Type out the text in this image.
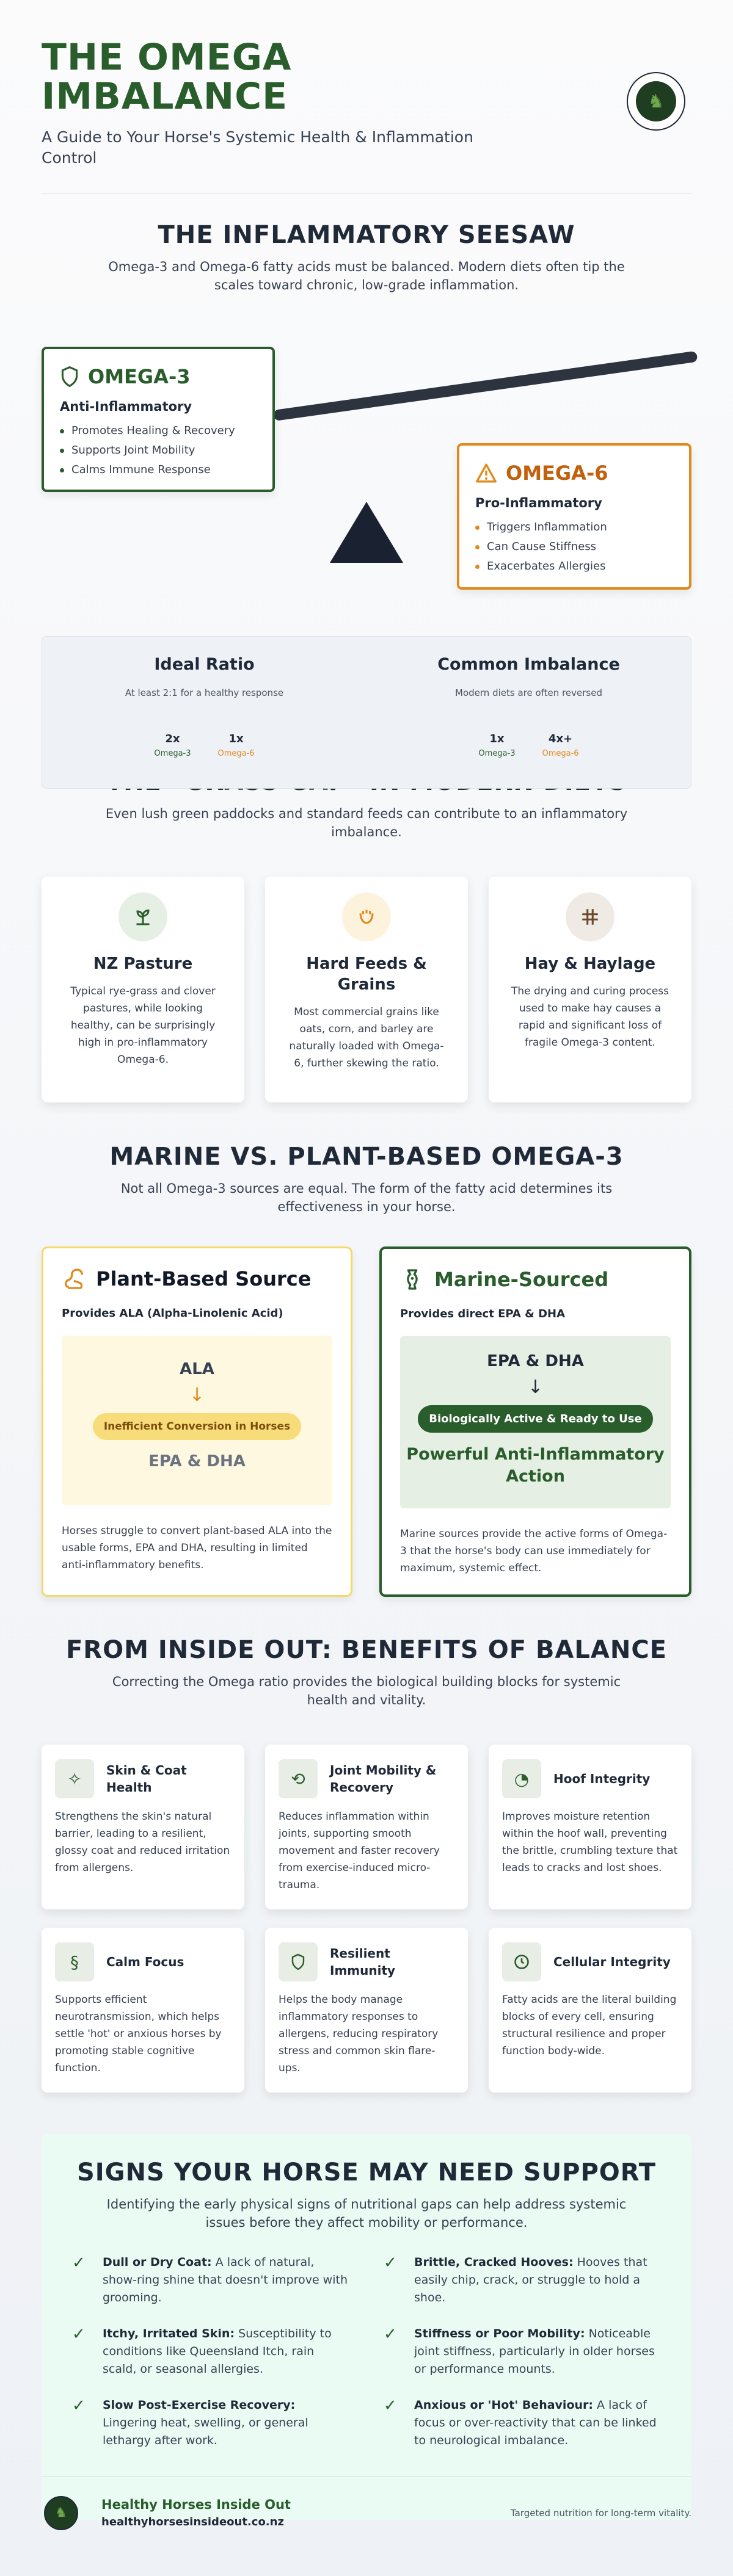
THE OMEGA
IMBALANCE

A Guide to Your Horse's Systemic Health & Inflammation Control

♞
THE INFLAMMATORY SEESAW

Omega-3 and Omega-6 fatty acids must be balanced. Modern diets often tip the scales toward chronic, low-grade inflammation.

OMEGA-3
Anti-Inflammatory
Promotes Healing & Recovery
Supports Joint Mobility
Calms Immune Response	OMEGA-6
Pro-Inflammatory
Triggers Inflammation
Can Cause Stiffness
Exacerbates Allergies
Ideal Ratio
At least 2:1 for a healthy response
2x
Omega-3
1x
Omega-6
Common Imbalance
Modern diets are often reversed
1x
Omega-3
4x+
Omega-6

Even lush green paddocks and standard feeds can contribute to an inflammatory imbalance.

NZ Pasture
Typical rye-grass and clover pastures, while looking healthy, can be surprisingly high in pro-inflammatory Omega-6.
Hard Feeds & Grains
Most commercial grains like oats, corn, and barley are naturally loaded with Omega-6, further skewing the ratio.
Hay & Haylage
The drying and curing process used to make hay causes a rapid and significant loss of fragile Omega-3 content.
MARINE VS. PLANT-BASED OMEGA-3

Not all Omega-3 sources are equal. The form of the fatty acid determines its effectiveness in your horse.

Plant-Based Source
Provides ALA (Alpha-Linolenic Acid)
ALA
↓
Inefficient Conversion in Horses
EPA & DHA
Horses struggle to convert plant-based ALA into the usable forms, EPA and DHA, resulting in limited anti-inflammatory benefits.
Marine-Sourced
Provides direct EPA & DHA
EPA & DHA
↓
Biologically Active & Ready to Use
Powerful Anti-Inflammatory Action
Marine sources provide the active forms of Omega-3 that the horse's body can use immediately for maximum, systemic effect.
FROM INSIDE OUT: BENEFITS OF BALANCE

Correcting the Omega ratio provides the biological building blocks for systemic health and vitality.

✧	Skin & Coat Health
Strengthens the skin's natural barrier, leading to a resilient, glossy coat and reduced irritation from allergens.
⟲	Joint Mobility & Recovery
Reduces inflammation within joints, supporting smooth movement and faster recovery from exercise-induced micro-trauma.
◔	Hoof Integrity
Improves moisture retention within the hoof wall, preventing the brittle, crumbling texture that leads to cracks and lost shoes.
§	Calm Focus
Supports efficient neurotransmission, which helps settle 'hot' or anxious horses by promoting stable cognitive function.
Resilient Immunity
Helps the body manage inflammatory responses to allergens, reducing respiratory stress and common skin flare-ups.
Cellular Integrity
Fatty acids are the literal building blocks of every cell, ensuring structural resilience and proper function body-wide.
SIGNS YOUR HORSE MAY NEED SUPPORT

Identifying the early physical signs of nutritional gaps can help address systemic issues before they affect mobility or performance.

✓	Dull or Dry Coat: A lack of natural, show-ring shine that doesn't improve with grooming.

✓	Brittle, Cracked Hooves: Hooves that easily chip, crack, or struggle to hold a shoe.

✓	Itchy, Irritated Skin: Susceptibility to conditions like Queensland Itch, rain scald, or seasonal allergies.

✓	Stiffness or Poor Mobility: Noticeable joint stiffness, particularly in older horses or performance mounts.

✓	Slow Post-Exercise Recovery: Lingering heat, swelling, or general lethargy after work.

✓	Anxious or 'Hot' Behaviour: A lack of focus or over-reactivity that can be linked to neurological imbalance.

♞
Healthy Horses Inside Out
healthyhorsesinsideout.co.nz
Targeted nutrition for long-term vitality.
